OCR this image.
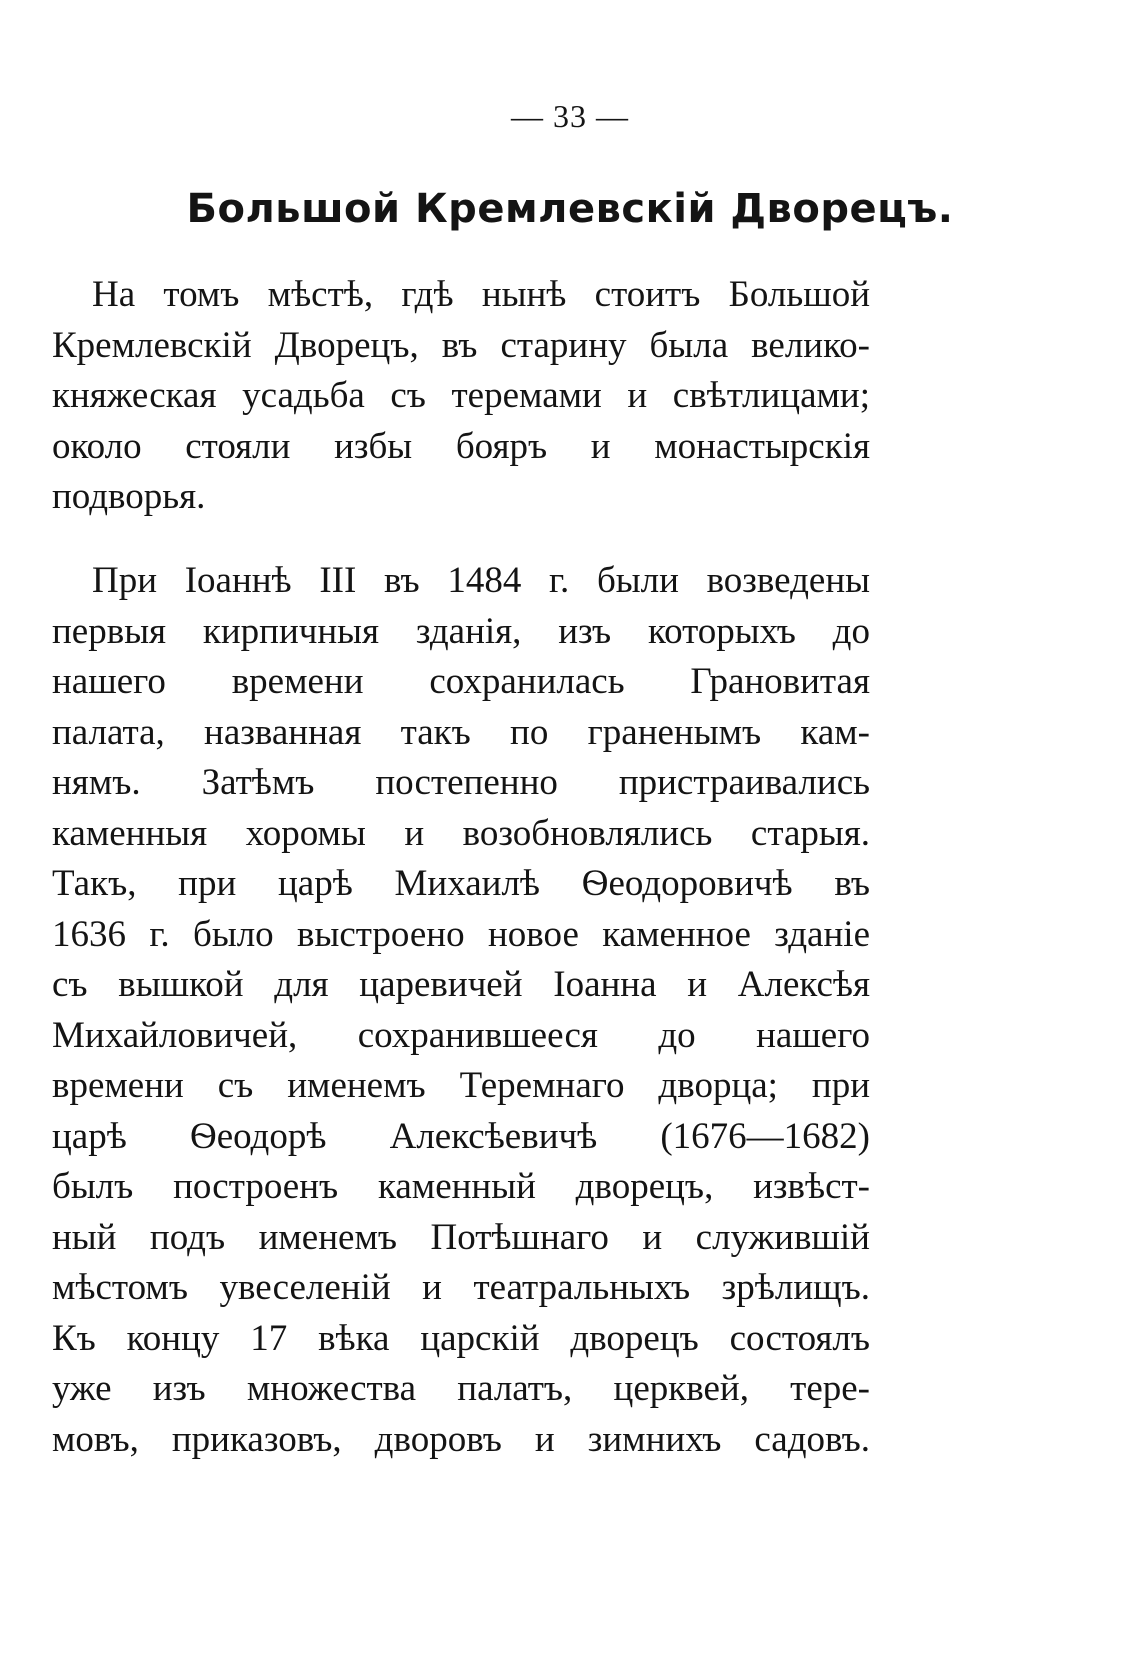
— 33 —
Большой Кремлевскій Дворецъ.
На томъ мѣстѣ, гдѣ нынѣ стоитъ Большой
Кремлевскій Дворецъ, въ старину была велико-
княжеская усадьба съ теремами и свѣтлицами;
около стояли избы бояръ и монастырскія
подворья.
При Іоаннѣ III въ 1484 г. были возведены
первыя кирпичныя зданія, изъ которыхъ до
нашего времени сохранилась Грановитая
палата, названная такъ по граненымъ кам-
нямъ. Затѣмъ постепенно пристраивались
каменныя хоромы и возобновлялись старыя.
Такъ, при царѣ Михаилѣ Ѳеодоровичѣ въ
1636 г. было выстроено новое каменное зданіе
съ вышкой для царевичей Іоанна и Алексѣя
Михайловичей, сохранившееся до нашего
времени съ именемъ Теремнаго дворца; при
царѣ Ѳеодорѣ Алексѣевичѣ (1676—1682)
былъ построенъ каменный дворецъ, извѣст-
ный подъ именемъ Потѣшнаго и служившій
мѣстомъ увеселеній и театральныхъ зрѣлищъ.
Къ концу 17 вѣка царскій дворецъ состоялъ
уже изъ множества палатъ, церквей, тере-
мовъ, приказовъ, дворовъ и зимнихъ садовъ.
